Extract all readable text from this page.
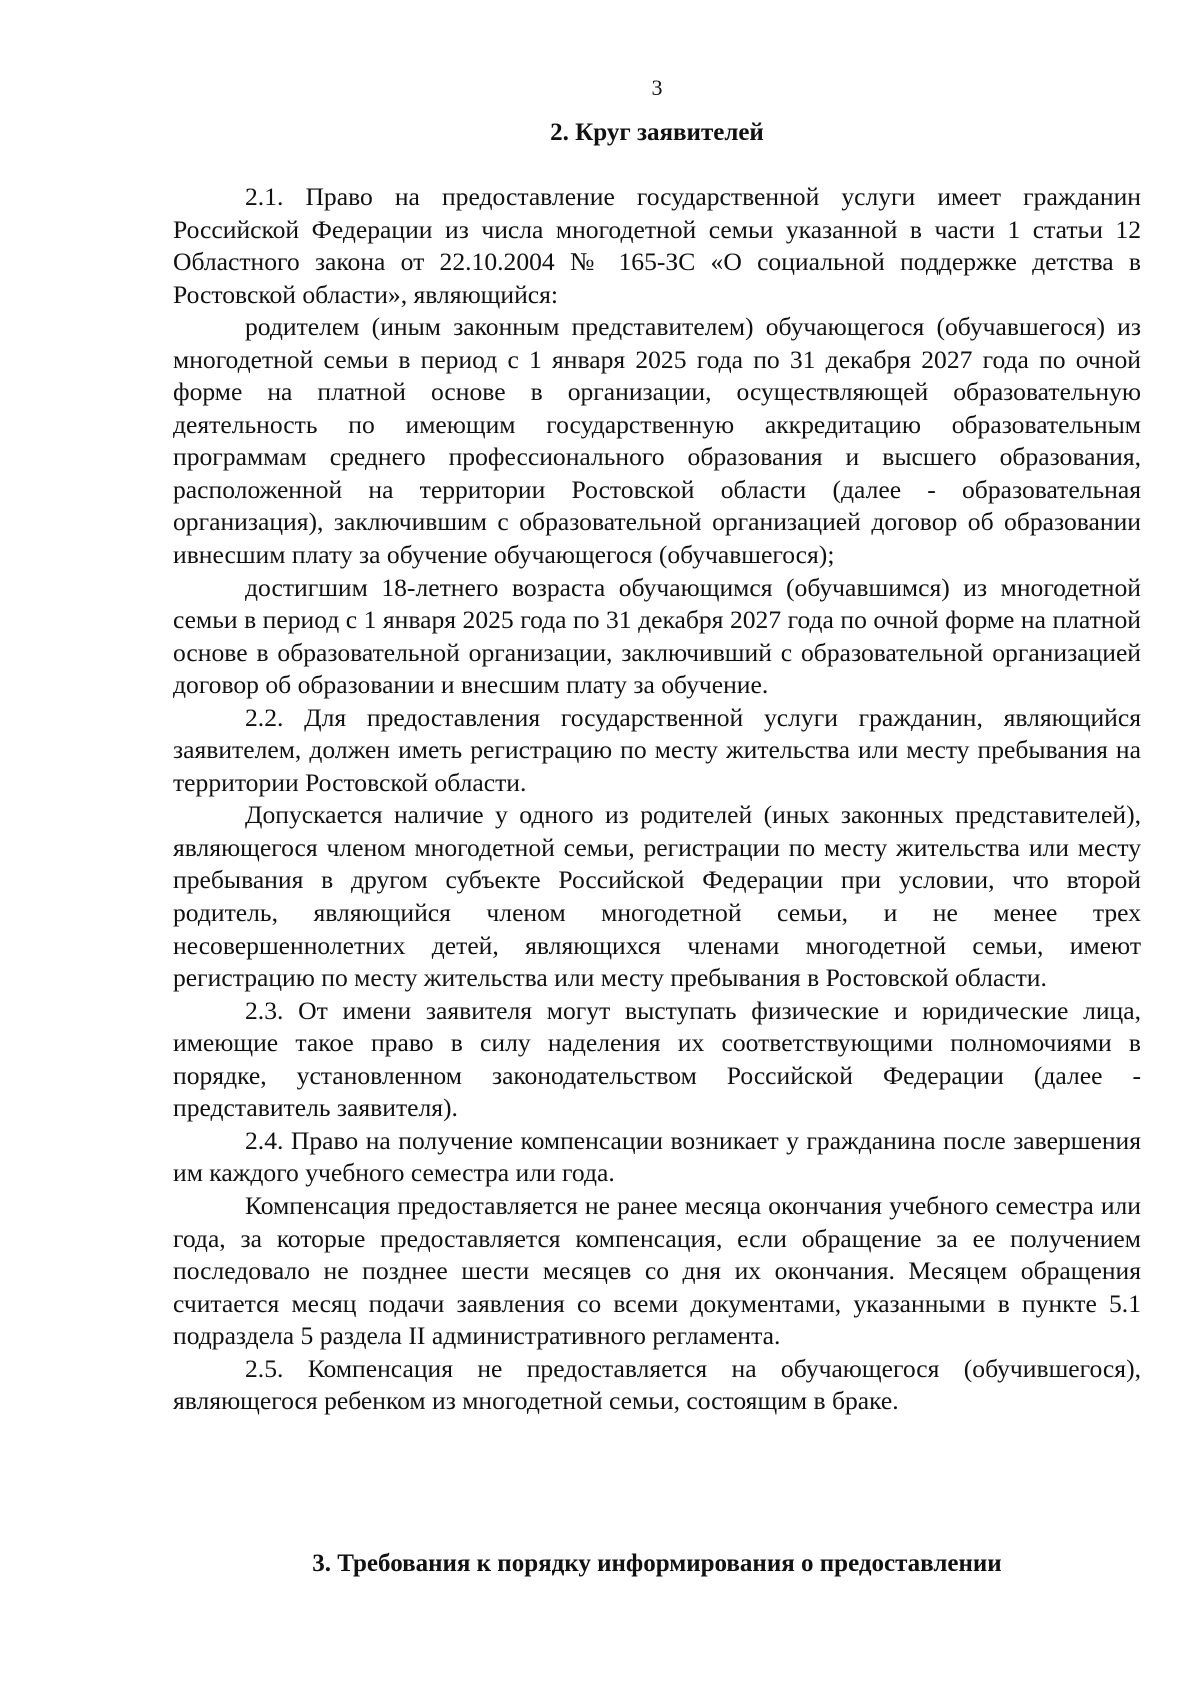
3
2. Круг заявителей

2.1. Право на предоставление государственной услуги имеет гражданин Российской Федерации из числа многодетной семьи указанной в части 1 статьи 12 Областного закона от 22.10.2004 № 165-ЗС «О социальной поддержке детства в Ростовской области», являющийся:

родителем (иным законным представителем) обучающегося (обучавшегося) из многодетной семьи в период с 1 января 2025 года по 31 декабря 2027 года по очной форме на платной основе в организации, осуществляющей образовательную деятельность по имеющим государственную аккредитацию образовательным программам среднего профессионального образования и высшего образования, расположенной на территории Ростовской области (далее - образовательная организация), заключившим с образовательной организацией договор об образовании ивнесшим плату за обучение обучающегося (обучавшегося);

достигшим 18-летнего возраста обучающимся (обучавшимся) из многодетной семьи в период с 1 января 2025 года по 31 декабря 2027 года по очной форме на платной основе в образовательной организации, заключивший с образовательной организацией договор об образовании и внесшим плату за обучение.

2.2. Для предоставления государственной услуги гражданин, являющийся заявителем, должен иметь регистрацию по месту жительства или месту пребывания на территории Ростовской области.

Допускается наличие у одного из родителей (иных законных представителей), являющегося членом многодетной семьи, регистрации по месту жительства или месту пребывания в другом субъекте Российской Федерации при условии, что второй родитель, являющийся членом многодетной семьи, и не менее трех несовершеннолетних детей, являющихся членами многодетной семьи, имеют регистрацию по месту жительства или месту пребывания в Ростовской области.

2.3. От имени заявителя могут выступать физические и юридические лица, имеющие такое право в силу наделения их соответствующими полномочиями в порядке, установленном законодательством Российской Федерации (далее - представитель заявителя).

2.4. Право на получение компенсации возникает у гражданина после завершения им каждого учебного семестра или года.

Компенсация предоставляется не ранее месяца окончания учебного семестра или года, за которые предоставляется компенсация, если обращение за ее получением последовало не позднее шести месяцев со дня их окончания. Месяцем обращения считается месяц подачи заявления со всеми документами, указанными в пункте 5.1 подраздела 5 раздела II административного регламента.

2.5. Компенсация не предоставляется на обучающегося (обучившегося), являющегося ребенком из многодетной семьи, состоящим в браке.

3. Требования к порядку информирования о предоставлении
